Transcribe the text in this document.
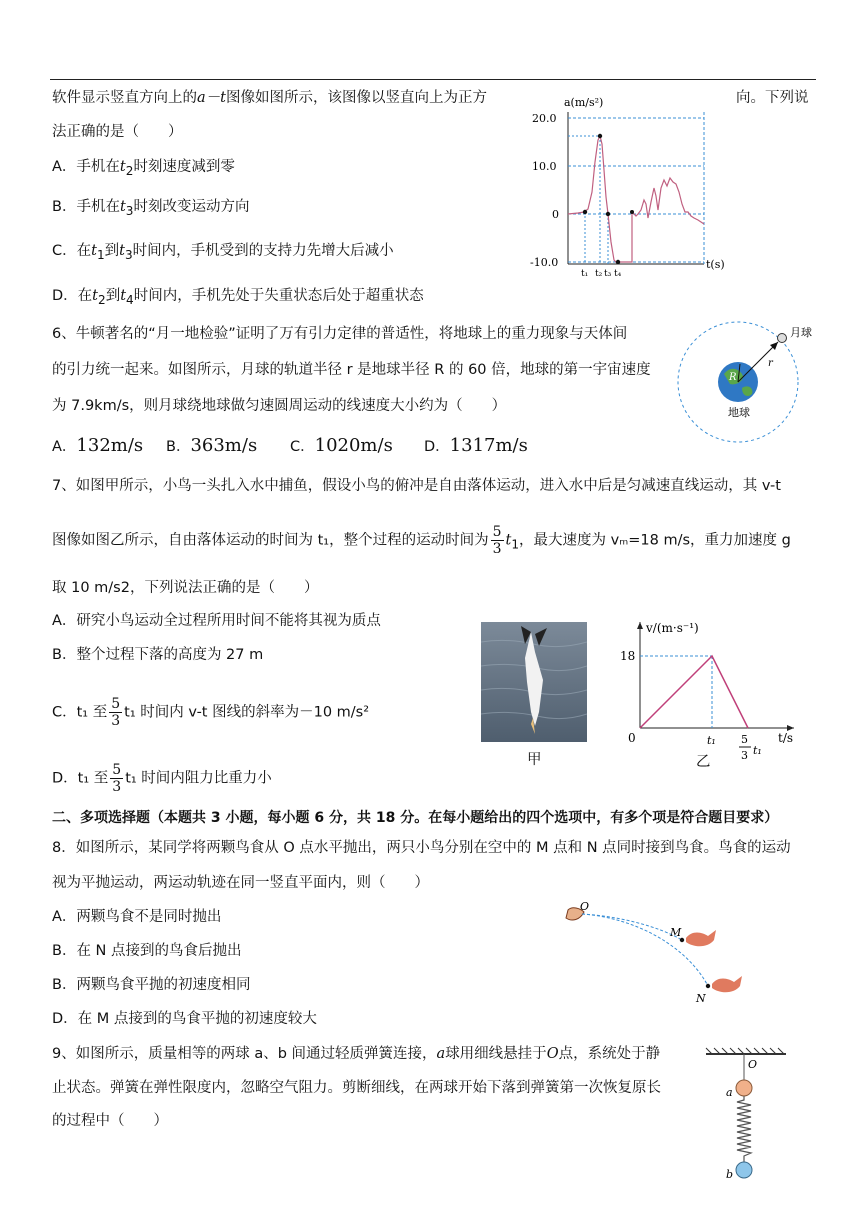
软件显示竖直方向上的a－t图像如图所示，该图像以竖直向上为正方	向。下列说
法正确的是（　　）
A．手机在$t_2$时刻速度减到零
B．手机在$t_3$时刻改变运动方向
C．在$t_1$到$t_3$时间内，手机受到的支持力先增大后减小
D．在$t_2$到$t_4$时间内，手机先处于失重状态后处于超重状态
a(m/s²)
20.0
10.0
0
-10.0	t(s)
t₁ t₂ t₃ t₄
6、牛顿著名的“月一地检验”证明了万有引力定律的普适性，将地球上的重力现象与天体间
的引力统一起来。如图所示，月球的轨道半径 r 是地球半径 R 的 60 倍，地球的第一宇宙速度
为 7.9km/s，则月球绕地球做匀速圆周运动的线速度大小约为（　　）
A．132m/s B．363m/s C．1020m/s D．1317m/s
月球
R
r
地球
7、如图甲所示，小鸟一头扎入水中捕鱼，假设小鸟的俯冲是自由落体运动，进入水中后是匀减速直线运动，其 v-t
图像如图乙所示，自由落体运动的时间为 t₁，整个过程的运动时间为 $\frac{5}{3} t_1$，最大速度为 vₘ=18 m/s，重力加速度 g
取 10 m/s2，下列说法正确的是（　　）
A．研究小鸟运动全过程所用时间不能将其视为质点
B．整个过程下落的高度为 27 m
C．t₁ 至 $\frac{5}{3} t_1$ 时间内 v-t 图线的斜率为－10 m/s²
D．t₁ 至 $\frac{5}{3} t_1$ 时间内阻力比重力小
甲
v/(m·s⁻¹)
t/s
18
0	t₁ 5
3 t₁
乙
二、多项选择题（本题共 3 小题，每小题 6 分，共 18 分。在每小题给出的四个选项中，有多个项是符合题目要求）
8．如图所示，某同学将两颗鸟食从 O 点水平抛出，两只小鸟分别在空中的 M 点和 N 点同时接到鸟食。鸟食的运动
视为平抛运动，两运动轨迹在同一竖直平面内，则（　　）
A．两颗鸟食不是同时抛出
B．在 N 点接到的鸟食后抛出
B．两颗鸟食平抛的初速度相同
D．在 M 点接到的鸟食平抛的初速度较大
O
M
N
9、如图所示，质量相等的两球 a、b 间通过轻质弹簧连接，a球用细线悬挂于O点，系统处于静
止状态。弹簧在弹性限度内，忽略空气阻力。剪断细线，在两球开始下落到弹簧第一次恢复原长
的过程中（　　）
O
a
b
